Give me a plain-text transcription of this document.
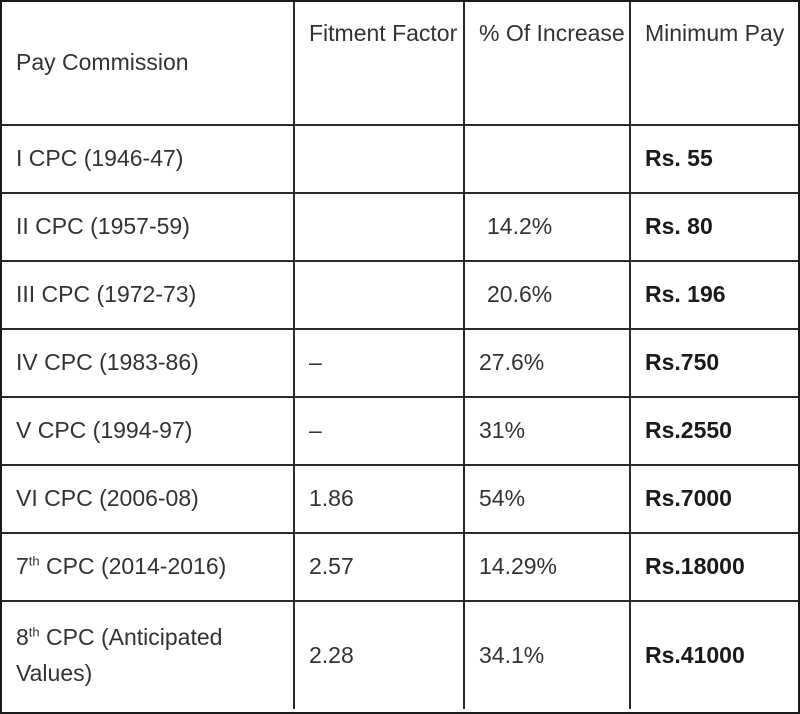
Pay Commission	Fitment Factor	% Of Increase	Minimum Pay
I CPC (1946-47)			Rs. 55
II CPC (1957-59)		14.2%	Rs. 80
III CPC (1972-73)		20.6%	Rs. 196
IV CPC (1983-86)	–	27.6%	Rs.750
V CPC (1994-97)	–	31%	Rs.2550
VI CPC (2006-08)	1.86	54%	Rs.7000
7th CPC (2014-2016)	2.57	14.29%	Rs.18000
8th CPC (Anticipated Values)	2.28	34.1%	Rs.41000
